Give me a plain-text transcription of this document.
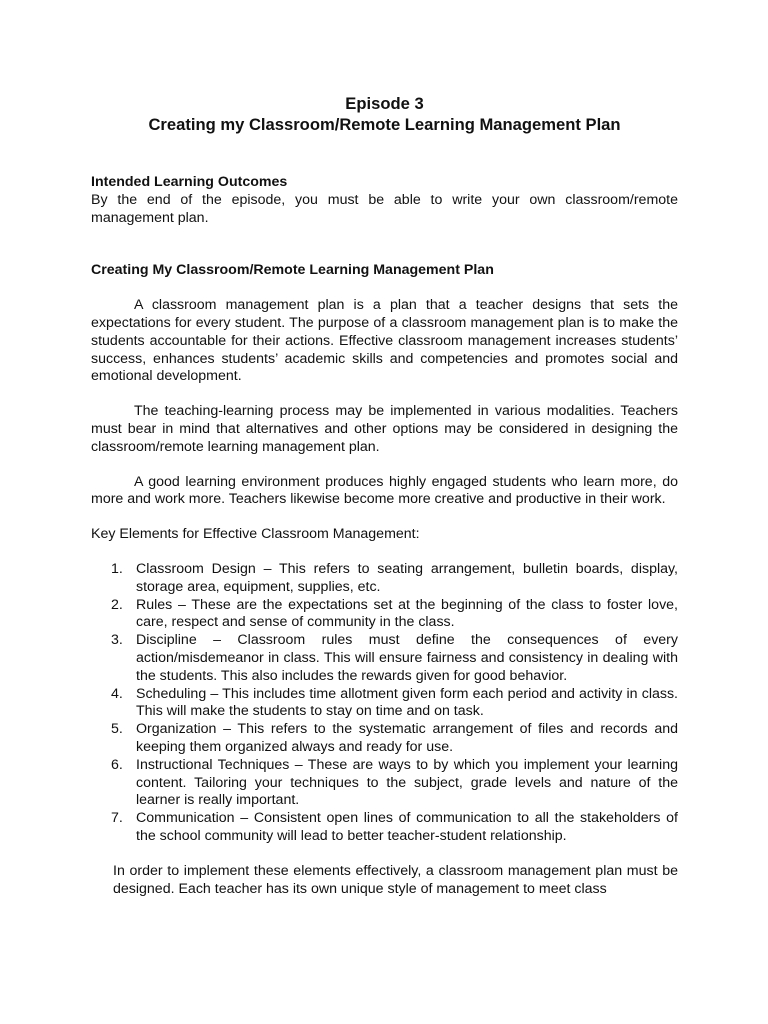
Episode 3
Creating my Classroom/Remote Learning Management Plan

Intended Learning Outcomes

By the end of the episode, you must be able to write your own classroom/remote management plan.

Creating My Classroom/Remote Learning Management Plan

A classroom management plan is a plan that a teacher designs that sets the expectations for every student. The purpose of a classroom management plan is to make the students accountable for their actions. Effective classroom management increases students’ success, enhances students’ academic skills and competencies and promotes social and emotional development.

The teaching-learning process may be implemented in various modalities. Teachers must bear in mind that alternatives and other options may be considered in designing the classroom/remote learning management plan.

A good learning environment produces highly engaged students who learn more, do more and work more. Teachers likewise become more creative and productive in their work.

Key Elements for Effective Classroom Management:

1. Classroom Design – This refers to seating arrangement, bulletin boards, display, storage area, equipment, supplies, etc.
2. Rules – These are the expectations set at the beginning of the class to foster love, care, respect and sense of community in the class.
3. Discipline – Classroom rules must define the consequences of every action/misdemeanor in class. This will ensure fairness and consistency in dealing with the students. This also includes the rewards given for good behavior.
4. Scheduling – This includes time allotment given form each period and activity in class. This will make the students to stay on time and on task.
5. Organization – This refers to the systematic arrangement of files and records and keeping them organized always and ready for use.
6. Instructional Techniques – These are ways to by which you implement your learning content. Tailoring your techniques to the subject, grade levels and nature of the learner is really important.
7. Communication – Consistent open lines of communication to all the stakeholders of the school community will lead to better teacher-student relationship.

In order to implement these elements effectively, a classroom management plan must be designed. Each teacher has its own unique style of management to meet class
